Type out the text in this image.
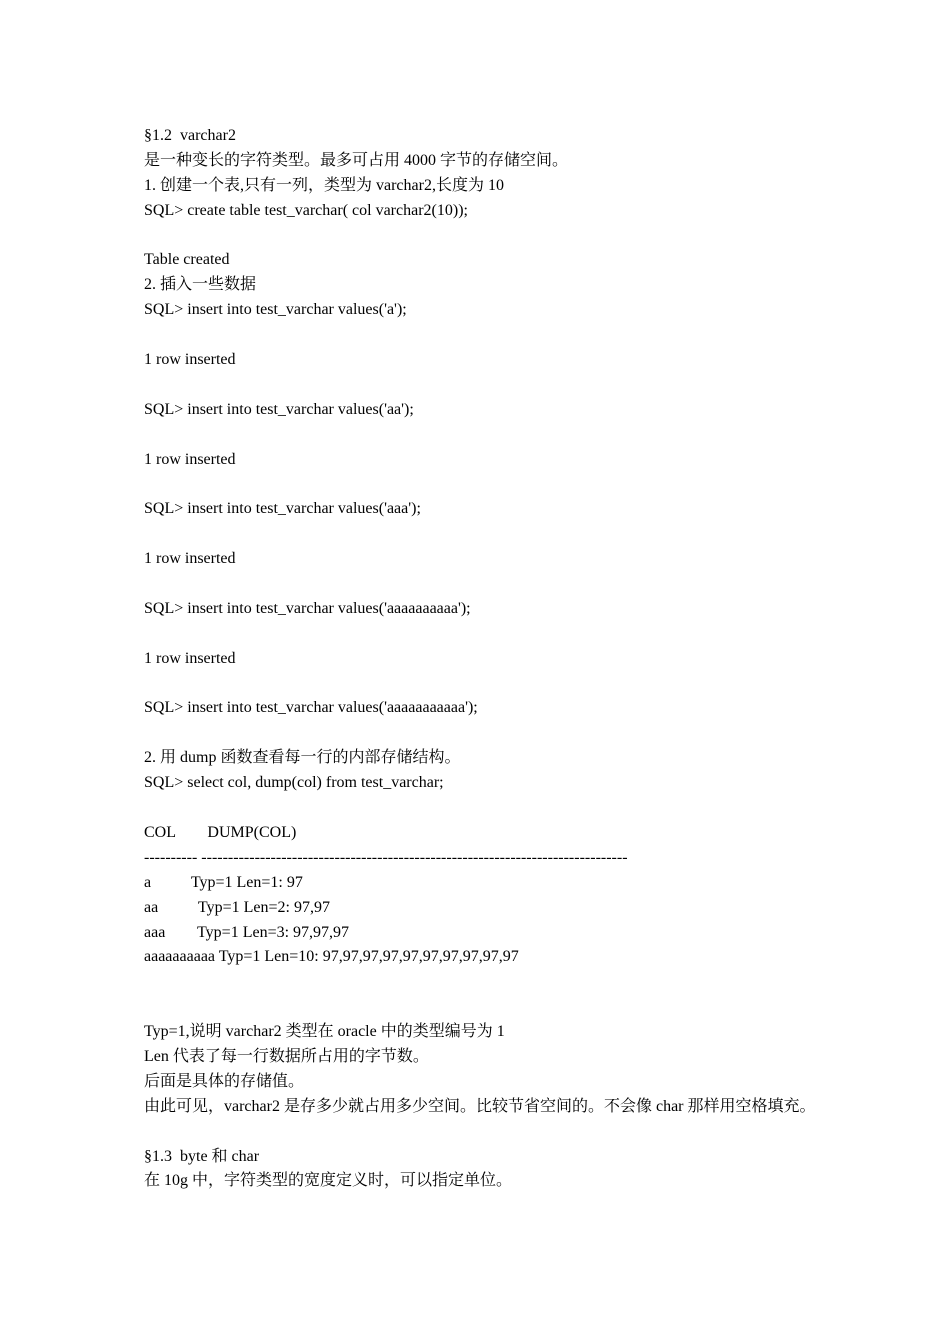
§1.2  varchar2
是一种变长的字符类型。最多可占用 4000 字节的存储空间。
1. 创建一个表,只有一列，类型为 varchar2,长度为 10
SQL> create table test_varchar( col varchar2(10));
Table created
2. 插入一些数据
SQL> insert into test_varchar values('a');
1 row inserted
SQL> insert into test_varchar values('aa');
1 row inserted
SQL> insert into test_varchar values('aaa');
1 row inserted
SQL> insert into test_varchar values('aaaaaaaaaa');
1 row inserted
SQL> insert into test_varchar values('aaaaaaaaaaa');
2. 用 dump 函数查看每一行的内部存储结构。
SQL> select col, dump(col) from test_varchar;
COL        DUMP(COL)
---------- --------------------------------------------------------------------------------
a          Typ=1 Len=1: 97
aa          Typ=1 Len=2: 97,97
aaa        Typ=1 Len=3: 97,97,97
aaaaaaaaaa Typ=1 Len=10: 97,97,97,97,97,97,97,97,97,97
Typ=1,说明 varchar2 类型在 oracle 中的类型编号为 1
Len 代表了每一行数据所占用的字节数。
后面是具体的存储值。
由此可见，varchar2 是存多少就占用多少空间。比较节省空间的。不会像 char 那样用空格填充。
§1.3  byte 和 char
在 10g 中，字符类型的宽度定义时，可以指定单位。
